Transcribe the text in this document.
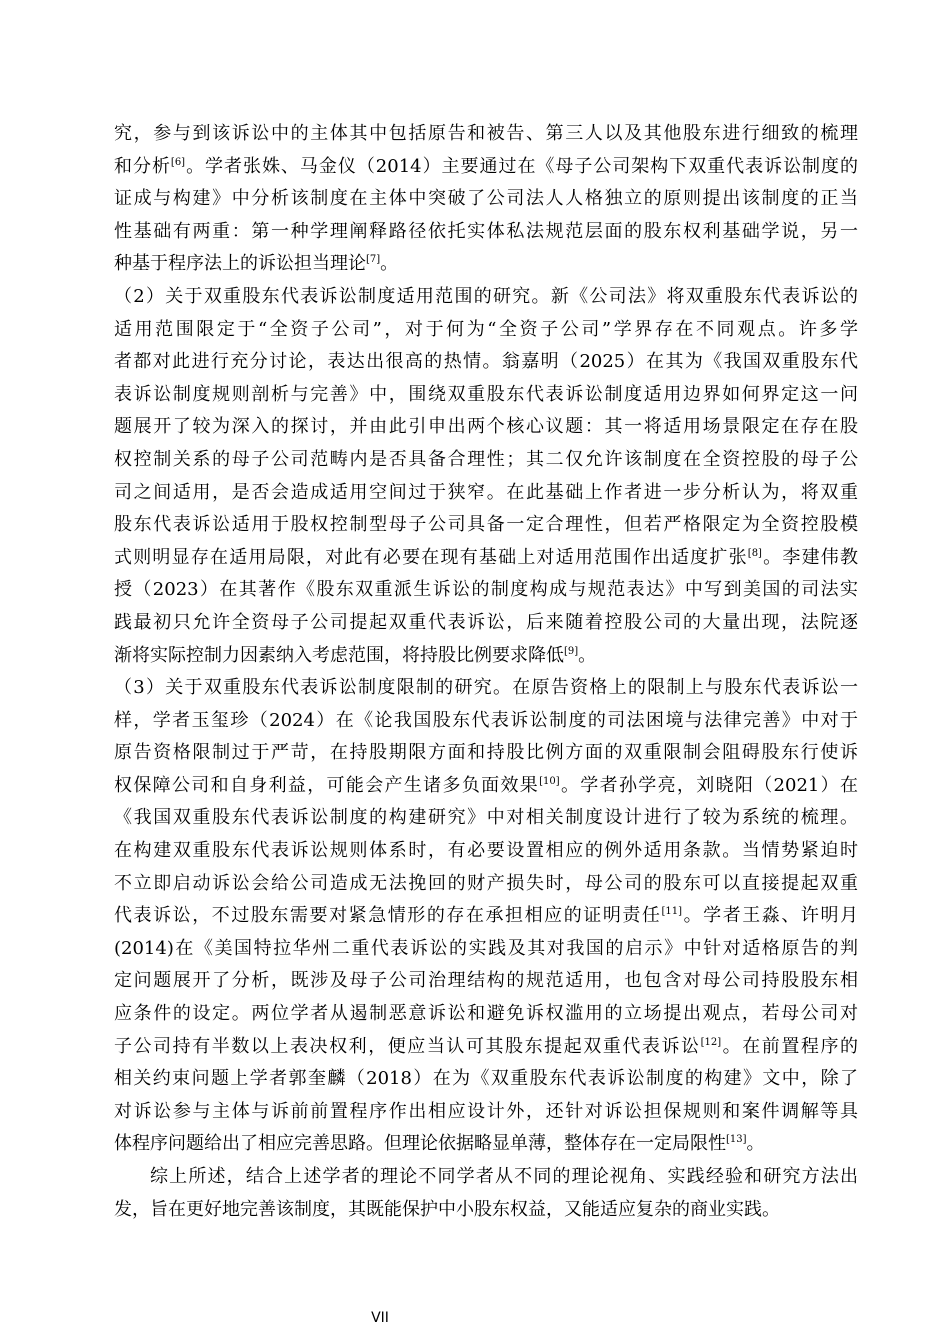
究，参与到该诉讼中的主体其中包括原告和被告、第三人以及其他股东进行细致的梳理
和分析[6]。学者张姝、马金仪（2014）主要通过在《母子公司架构下双重代表诉讼制度的
证成与构建》中分析该制度在主体中突破了公司法人人格独立的原则提出该制度的正当
性基础有两重：第一种学理阐释路径依托实体私法规范层面的股东权利基础学说，另一
种基于程序法上的诉讼担当理论[7]。
（2）关于双重股东代表诉讼制度适用范围的研究。新《公司法》将双重股东代表诉讼的
适用范围限定于“全资子公司”，对于何为“全资子公司”学界存在不同观点。许多学
者都对此进行充分讨论，表达出很高的热情。翁嘉明（2025）在其为《我国双重股东代
表诉讼制度规则剖析与完善》中，围绕双重股东代表诉讼制度适用边界如何界定这一问
题展开了较为深入的探讨，并由此引申出两个核心议题：其一将适用场景限定在存在股
权控制关系的母子公司范畴内是否具备合理性；其二仅允许该制度在全资控股的母子公
司之间适用，是否会造成适用空间过于狭窄。在此基础上作者进一步分析认为，将双重
股东代表诉讼适用于股权控制型母子公司具备一定合理性，但若严格限定为全资控股模
式则明显存在适用局限，对此有必要在现有基础上对适用范围作出适度扩张[8]。李建伟教
授（2023）在其著作《股东双重派生诉讼的制度构成与规范表达》中写到美国的司法实
践最初只允许全资母子公司提起双重代表诉讼，后来随着控股公司的大量出现，法院逐
渐将实际控制力因素纳入考虑范围，将持股比例要求降低[9]。
（3）关于双重股东代表诉讼制度限制的研究。在原告资格上的限制上与股东代表诉讼一
样，学者玉玺珍（2024）在《论我国股东代表诉讼制度的司法困境与法律完善》中对于
原告资格限制过于严苛，在持股期限方面和持股比例方面的双重限制会阻碍股东行使诉
权保障公司和自身利益，可能会产生诸多负面效果[10]。学者孙学亮，刘晓阳（2021）在
《我国双重股东代表诉讼制度的构建研究》中对相关制度设计进行了较为系统的梳理。
在构建双重股东代表诉讼规则体系时，有必要设置相应的例外适用条款。当情势紧迫时
不立即启动诉讼会给公司造成无法挽回的财产损失时，母公司的股东可以直接提起双重
代表诉讼，不过股东需要对紧急情形的存在承担相应的证明责任[11]。学者王淼、许明月
(2014)在《美国特拉华州二重代表诉讼的实践及其对我国的启示》中针对适格原告的判
定问题展开了分析，既涉及母子公司治理结构的规范适用，也包含对母公司持股股东相
应条件的设定。两位学者从遏制恶意诉讼和避免诉权滥用的立场提出观点，若母公司对
子公司持有半数以上表决权利，便应当认可其股东提起双重代表诉讼[12]。在前置程序的
相关约束问题上学者郭奎麟（2018）在为《双重股东代表诉讼制度的构建》文中，除了
对诉讼参与主体与诉前前置程序作出相应设计外，还针对诉讼担保规则和案件调解等具
体程序问题给出了相应完善思路。但理论依据略显单薄，整体存在一定局限性[13]。
综上所述，结合上述学者的理论不同学者从不同的理论视角、实践经验和研究方法出
发，旨在更好地完善该制度，其既能保护中小股东权益，又能适应复杂的商业实践。
VII
